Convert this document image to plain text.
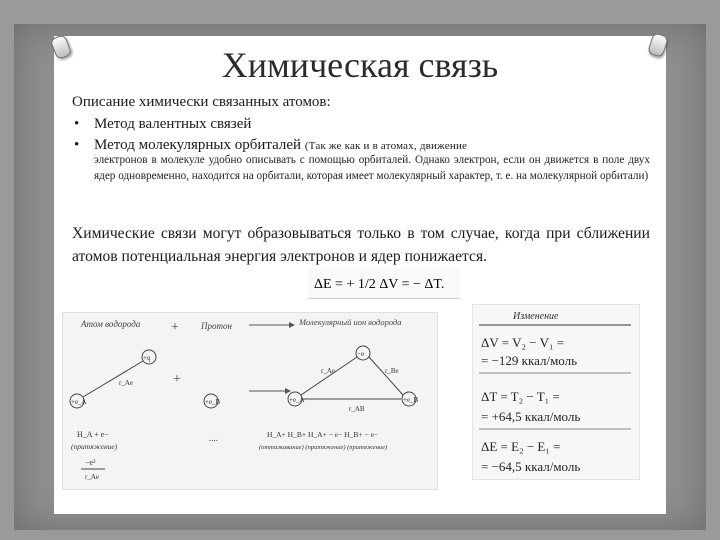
Химическая связь
Описание химически связанных атомов:
• Метод валентных связей
• Метод молекулярных орбиталей (Так же как и в атомах, движение
электронов в молекуле удобно описывать с помощью орбиталей. Однако электрон, если он движется в поле двух ядер одновременно, находится на орбитали, которая имеет молекулярный характер, т. е. на молекулярной орбитали)
Химические связи могут образовываться только в том случае, когда при сближении атомов потенциальная энергия электронов и ядер понижается.
ΔE = + 1/2 ΔV = − ΔT.
Атом водорода + Протон	Молекулярный ион водорода
+q
+e_A
r_Ae	+
+e_B
−e
+e_A	+e_B
r_Ae	r_Be
r_AB
H_A + e−
(притяжение)
−e²
r_Ae
....	H_A+ H_B+ H_A+ − e− H_B+ − e−
(отталкивание) (притяжение) (притяжение)
Изменение
ΔV = V₂ − V₁ =
= −129 ккал/моль
ΔT = T₂ − T₁ =
= +64,5 ккал/моль
ΔE = E₂ − E₁ =
= −64,5 ккал/моль
